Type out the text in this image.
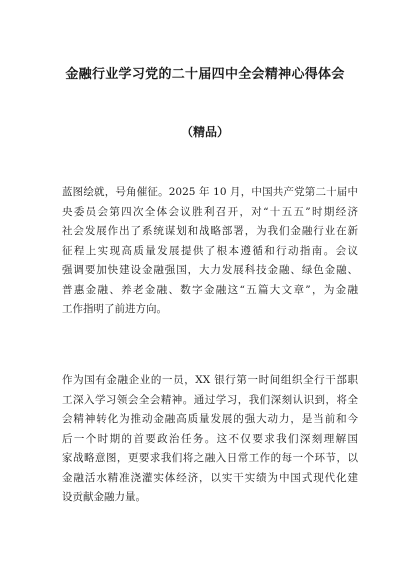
金融行业学习党的二十届四中全会精神心得体会
（精品）
蓝图绘就，号角催征。2025 年 10 月，中国共产党第二十届中
央委员会第四次全体会议胜利召开，对“十五五”时期经济
社会发展作出了系统谋划和战略部署，为我们金融行业在新
征程上实现高质量发展提供了根本遵循和行动指南。会议
强调要加快建设金融强国，大力发展科技金融、绿色金融、
普惠金融、养老金融、数字金融这“五篇大文章”，为金融
工作指明了前进方向。
作为国有金融企业的一员，XX 银行第一时间组织全行干部职
工深入学习领会全会精神。通过学习，我们深刻认识到，将全
会精神转化为推动金融高质量发展的强大动力，是当前和今
后一个时期的首要政治任务。这不仅要求我们深刻理解国
家战略意图，更要求我们将之融入日常工作的每一个环节，以
金融活水精准浇灌实体经济，以实干实绩为中国式现代化建
设贡献金融力量。
